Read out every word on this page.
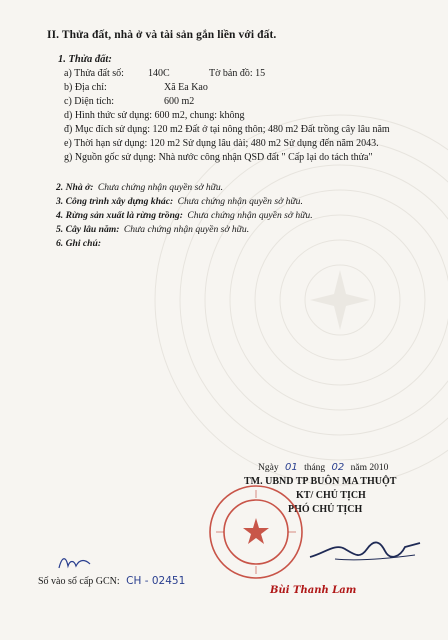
II. Thửa đất, nhà ở và tài sản gắn liền với đất.
1. Thửa đất:
a) Thửa đất số: 140C	Tờ bản đồ: 15
b) Địa chỉ:	Xã Ea Kao
c) Diện tích:	600 m2
d) Hình thức sử dụng: 600 m2, chung: không
đ) Mục đích sử dụng: 120 m2 Đất ở tại nông thôn; 480 m2 Đất trồng cây lâu năm
e) Thời hạn sử dụng: 120 m2 Sử dụng lâu dài; 480 m2 Sử dụng đến năm 2043.
g) Nguồn gốc sử dụng: Nhà nước công nhận QSD đất " Cấp lại do tách thửa"
2. Nhà ở: Chưa chứng nhận quyền sở hữu.
3. Công trình xây dựng khác: Chưa chứng nhận quyền sở hữu.
4. Rừng sản xuất là rừng trồng: Chưa chứng nhận quyền sở hữu.
5. Cây lâu năm: Chưa chứng nhận quyền sở hữu.
6. Ghi chú:
Ngày 01 tháng 02 năm 2010
TM. UBND TP BUÔN MA THUỘT
KT/ CHỦ TỊCH
PHÓ CHỦ TỊCH
Bùi Thanh Lam
Số vào sổ cấp GCN: CH - 02451
